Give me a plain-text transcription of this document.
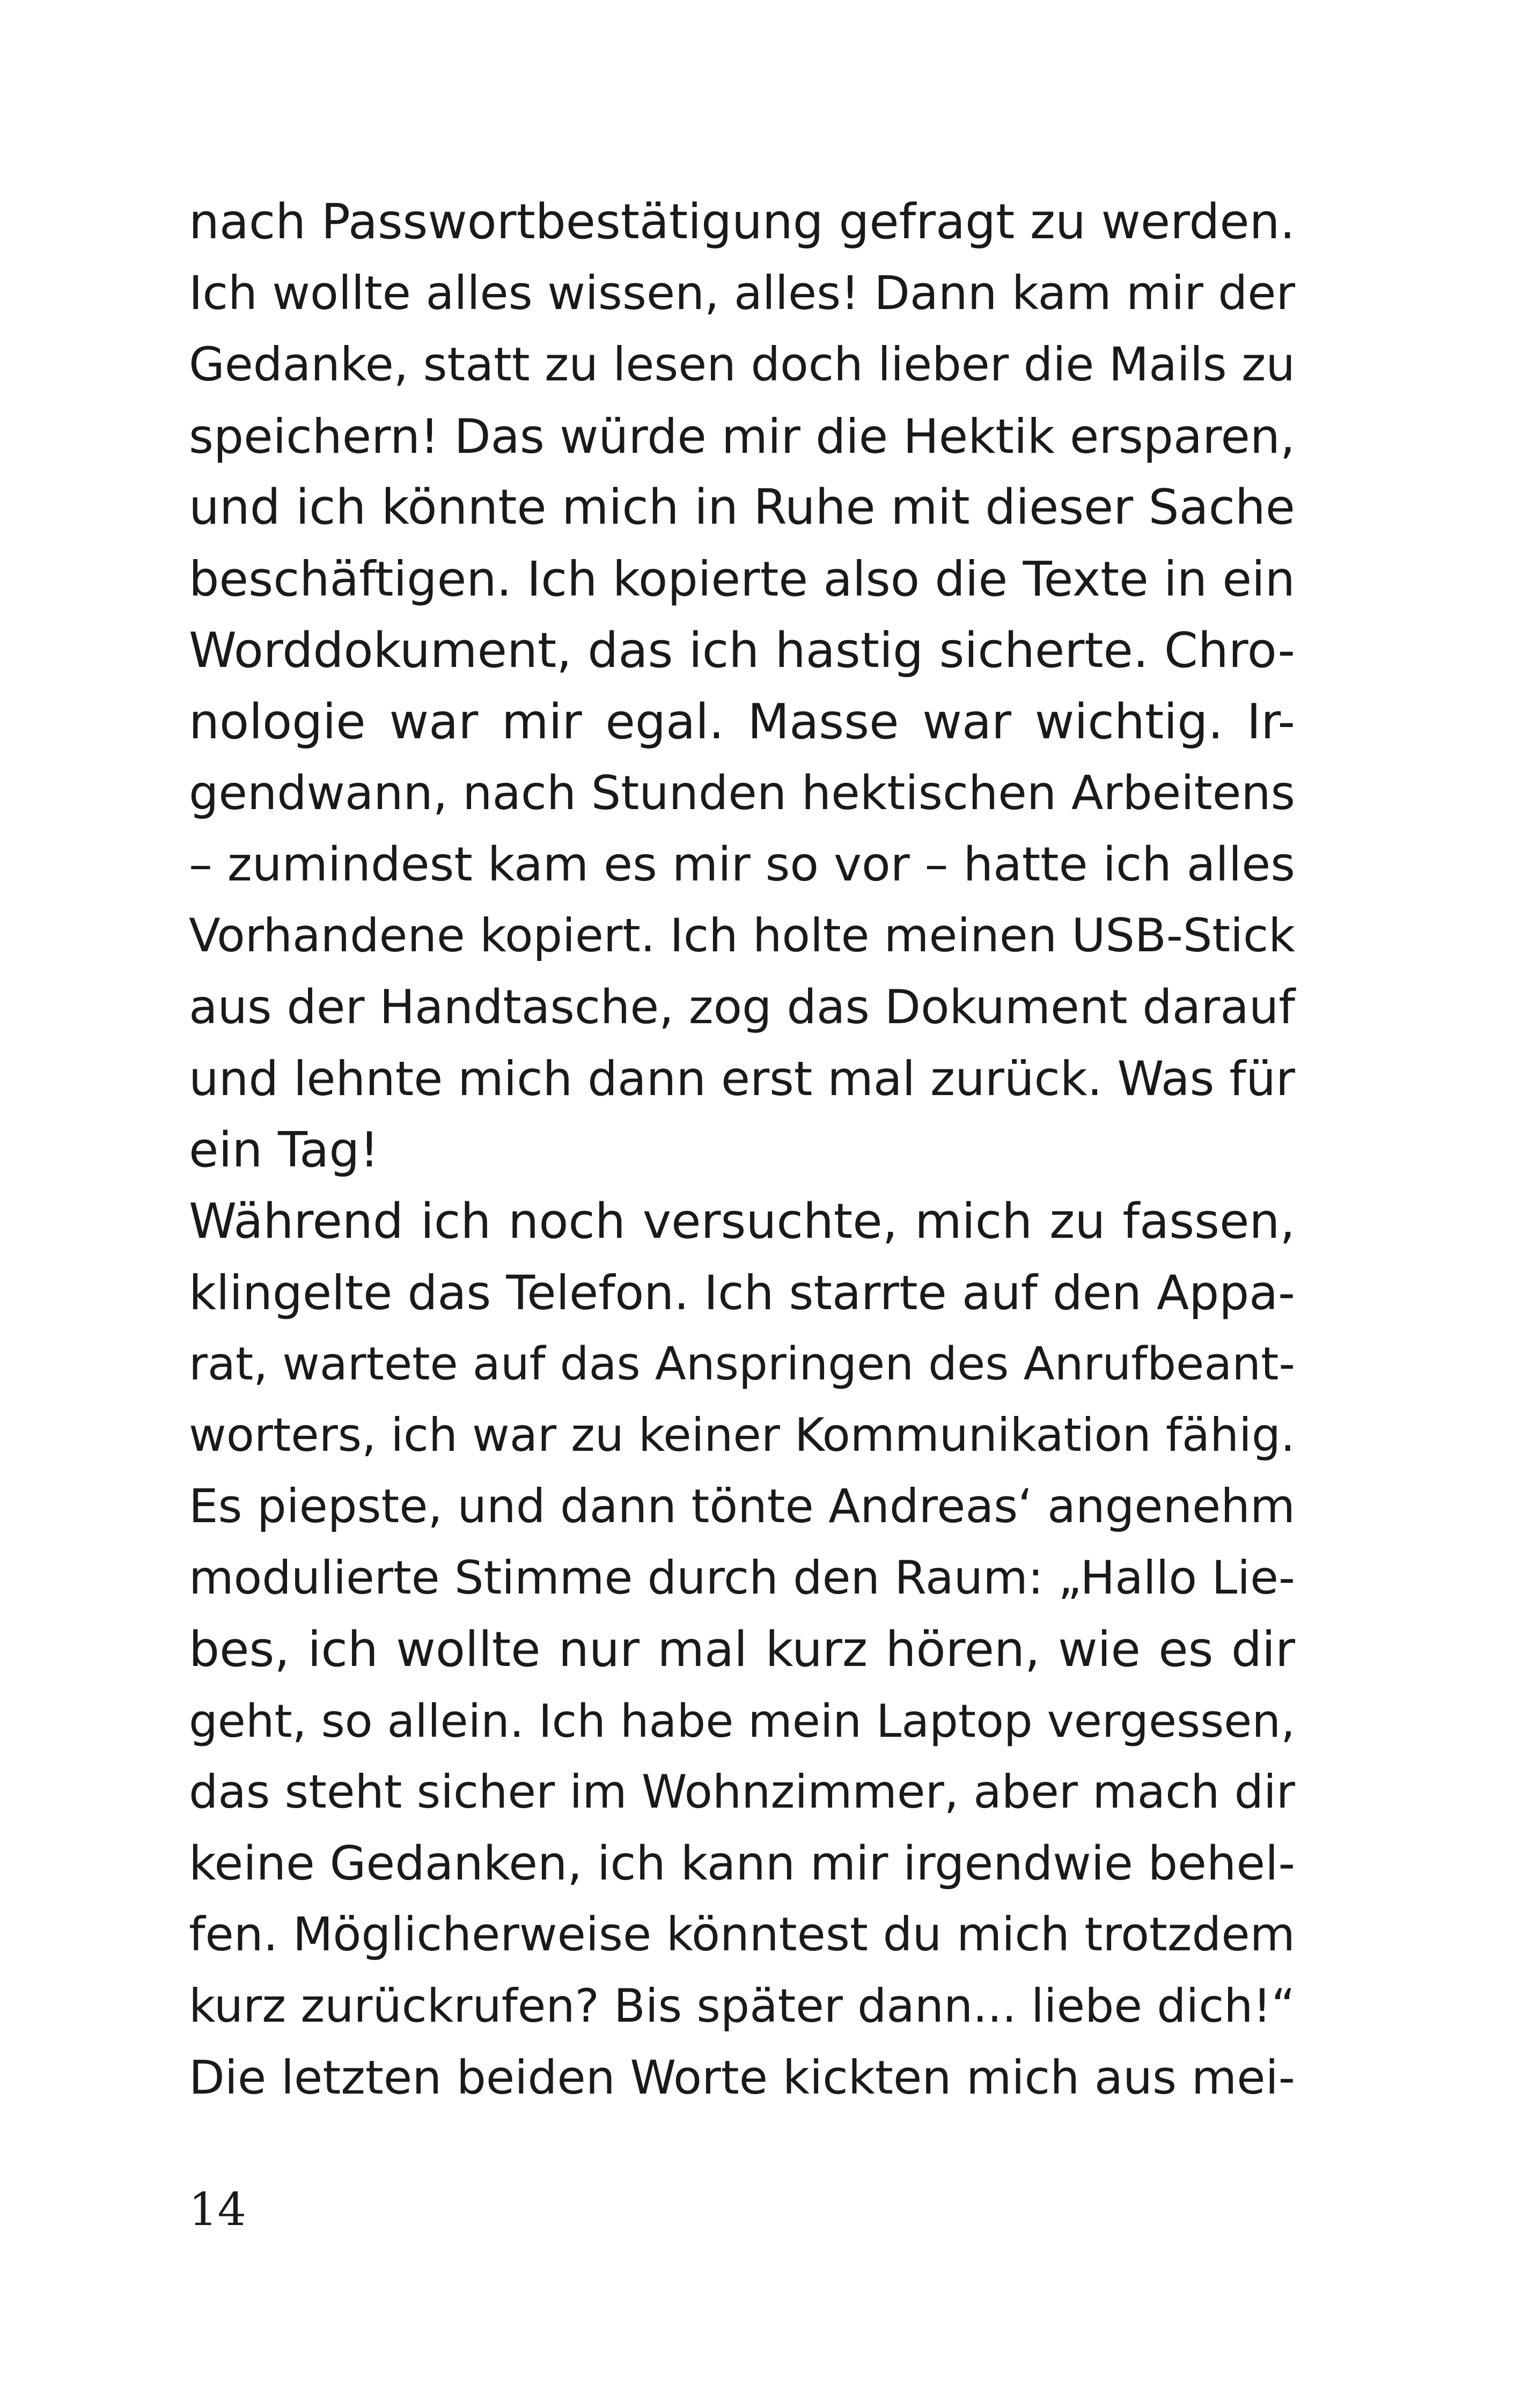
nach Passwortbestätigung gefragt zu werden.
Ich wollte alles wissen, alles! Dann kam mir der
Gedanke, statt zu lesen doch lieber die Mails zu
speichern! Das würde mir die Hektik ersparen,
und ich könnte mich in Ruhe mit dieser Sache
beschäftigen. Ich kopierte also die Texte in ein
Worddokument, das ich hastig sicherte. Chro-
nologie war mir egal. Masse war wichtig. Ir-
gendwann, nach Stunden hektischen Arbeitens
– zumindest kam es mir so vor – hatte ich alles
Vorhandene kopiert. Ich holte meinen USB-Stick
aus der Handtasche, zog das Dokument darauf
und lehnte mich dann erst mal zurück. Was für
ein Tag!
Während ich noch versuchte, mich zu fassen,
klingelte das Telefon. Ich starrte auf den Appa-
rat, wartete auf das Anspringen des Anrufbeant-
worters, ich war zu keiner Kommunikation fähig.
Es piepste, und dann tönte Andreas‘ angenehm
modulierte Stimme durch den Raum: „Hallo Lie-
bes, ich wollte nur mal kurz hören, wie es dir
geht, so allein. Ich habe mein Laptop vergessen,
das steht sicher im Wohnzimmer, aber mach dir
keine Gedanken, ich kann mir irgendwie behel-
fen. Möglicherweise könntest du mich trotzdem
kurz zurückrufen? Bis später dann... liebe dich!“
Die letzten beiden Worte kickten mich aus mei-
14
